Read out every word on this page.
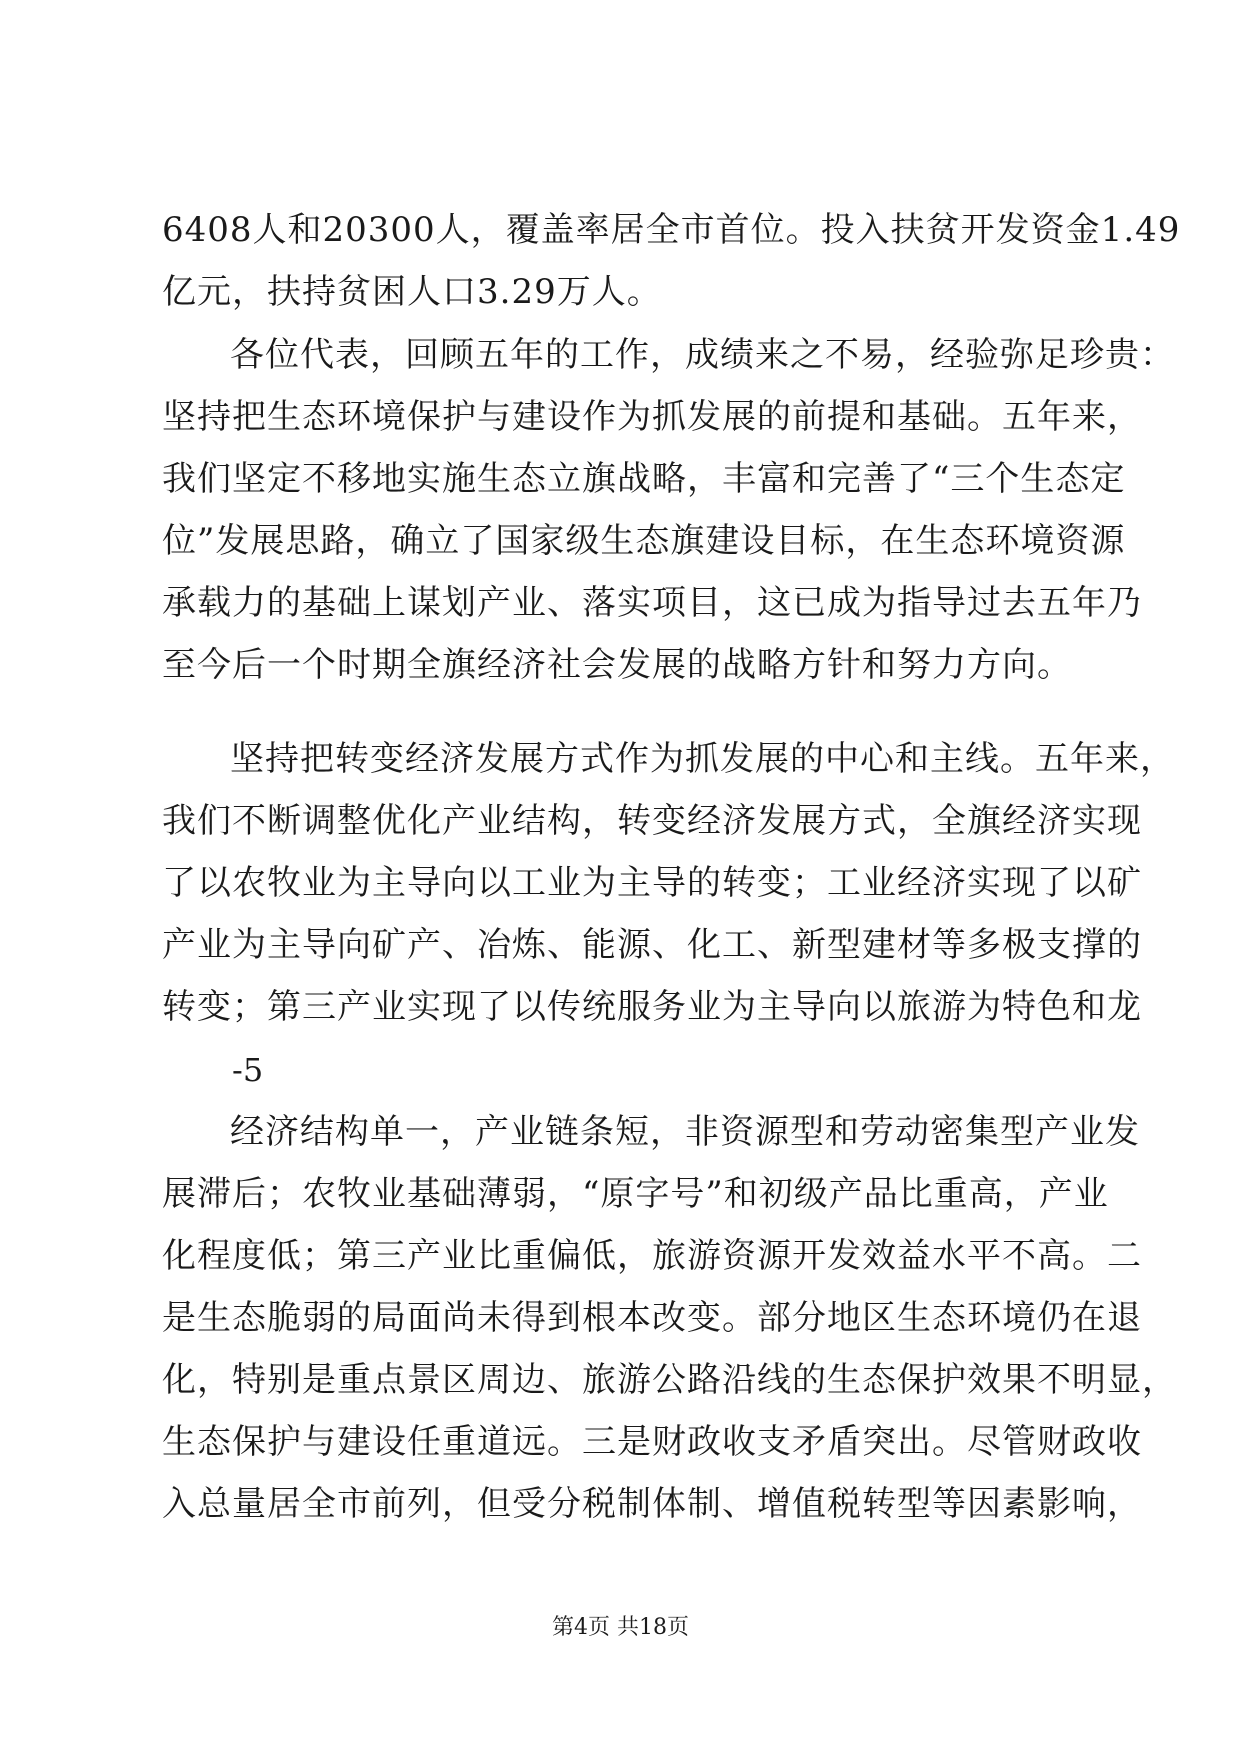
6408人和20300人，覆盖率居全市首位。投入扶贫开发资金1.49
亿元，扶持贫困人口3.29万人。
各位代表，回顾五年的工作，成绩来之不易，经验弥足珍贵：
坚持把生态环境保护与建设作为抓发展的前提和基础。五年来，
我们坚定不移地实施生态立旗战略，丰富和完善了“三个生态定
位”发展思路，确立了国家级生态旗建设目标，在生态环境资源
承载力的基础上谋划产业、落实项目，这已成为指导过去五年乃
至今后一个时期全旗经济社会发展的战略方针和努力方向。
坚持把转变经济发展方式作为抓发展的中心和主线。五年来，
我们不断调整优化产业结构，转变经济发展方式，全旗经济实现
了以农牧业为主导向以工业为主导的转变；工业经济实现了以矿
产业为主导向矿产、冶炼、能源、化工、新型建材等多极支撑的
转变；第三产业实现了以传统服务业为主导向以旅游为特色和龙
-5
经济结构单一，产业链条短，非资源型和劳动密集型产业发
展滞后；农牧业基础薄弱，“原字号”和初级产品比重高，产业
化程度低；第三产业比重偏低，旅游资源开发效益水平不高。二
是生态脆弱的局面尚未得到根本改变。部分地区生态环境仍在退
化，特别是重点景区周边、旅游公路沿线的生态保护效果不明显，
生态保护与建设任重道远。三是财政收支矛盾突出。尽管财政收
入总量居全市前列，但受分税制体制、增值税转型等因素影响，
第4页 共18页
